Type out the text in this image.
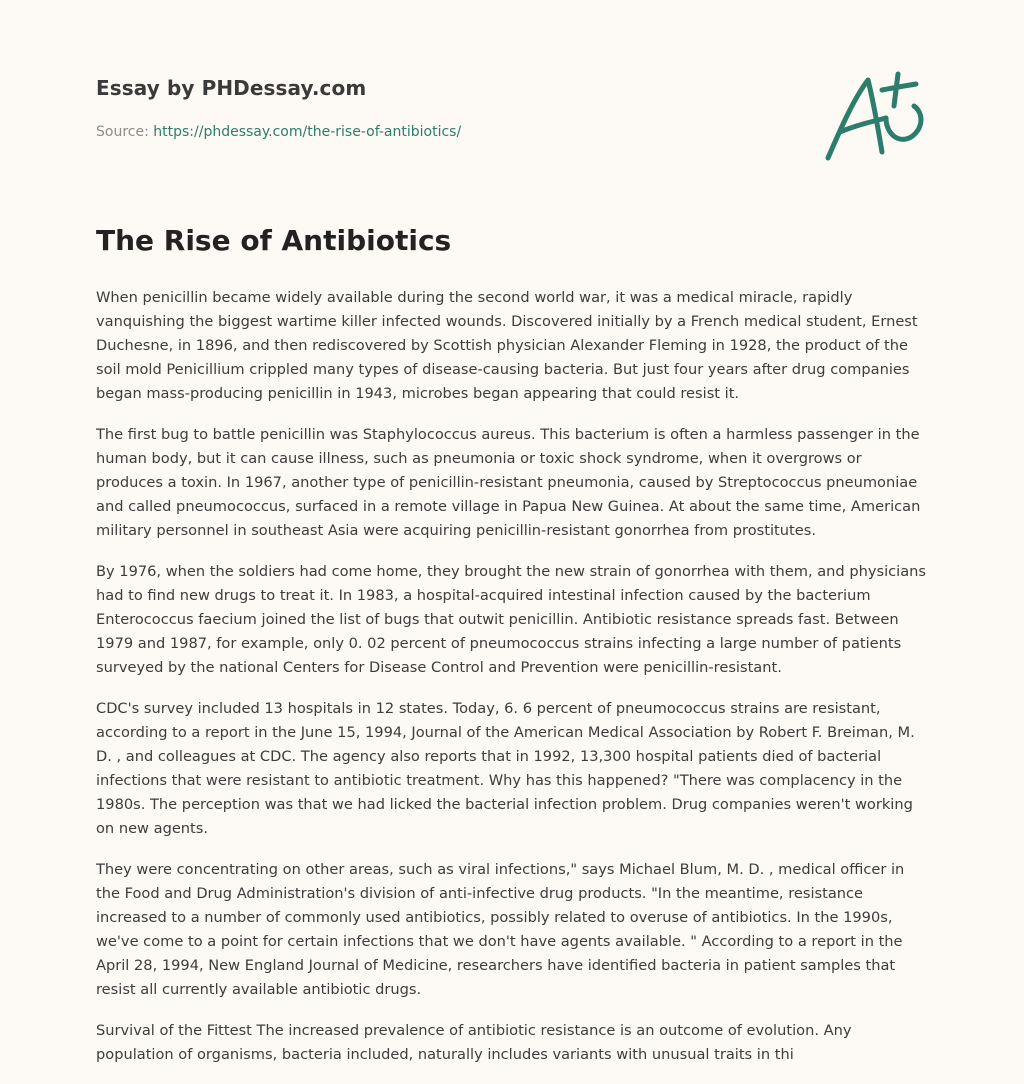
Essay by PHDessay.com
Source: https://phdessay.com/the-rise-of-antibiotics/
The Rise of Antibiotics

When penicillin became widely available during the second world war, it was a medical miracle, rapidly vanquishing the biggest wartime killer infected wounds. Discovered initially by a French medical student, Ernest Duchesne, in 1896, and then rediscovered by Scottish physician Alexander Fleming in 1928, the product of the soil mold Penicillium crippled many types of disease-causing bacteria. But just four years after drug companies began mass-producing penicillin in 1943, microbes began appearing that could resist it.

The first bug to battle penicillin was Staphylococcus aureus. This bacterium is often a harmless passenger in the human body, but it can cause illness, such as pneumonia or toxic shock syndrome, when it overgrows or produces a toxin. In 1967, another type of penicillin-resistant pneumonia, caused by Streptococcus pneumoniae and called pneumococcus, surfaced in a remote village in Papua New Guinea. At about the same time, American military personnel in southeast Asia were acquiring penicillin-resistant gonorrhea from prostitutes.

By 1976, when the soldiers had come home, they brought the new strain of gonorrhea with them, and physicians had to find new drugs to treat it. In 1983, a hospital-acquired intestinal infection caused by the bacterium Enterococcus faecium joined the list of bugs that outwit penicillin. Antibiotic resistance spreads fast. Between 1979 and 1987, for example, only 0. 02 percent of pneumococcus strains infecting a large number of patients surveyed by the national Centers for Disease Control and Prevention were penicillin-resistant.

CDC's survey included 13 hospitals in 12 states. Today, 6. 6 percent of pneumococcus strains are resistant, according to a report in the June 15, 1994, Journal of the American Medical Association by Robert F. Breiman, M. D. , and colleagues at CDC. The agency also reports that in 1992, 13,300 hospital patients died of bacterial infections that were resistant to antibiotic treatment. Why has this happened? "There was complacency in the 1980s. The perception was that we had licked the bacterial infection problem. Drug companies weren't working on new agents.

They were concentrating on other areas, such as viral infections," says Michael Blum, M. D. , medical officer in the Food and Drug Administration's division of anti-infective drug products. "In the meantime, resistance increased to a number of commonly used antibiotics, possibly related to overuse of antibiotics. In the 1990s, we've come to a point for certain infections that we don't have agents available. " According to a report in the April 28, 1994, New England Journal of Medicine, researchers have identified bacteria in patient samples that resist all currently available antibiotic drugs.

Survival of the Fittest The increased prevalence of antibiotic resistance is an outcome of evolution. Any population of organisms, bacteria included, naturally includes variants with unusual traits in thi
